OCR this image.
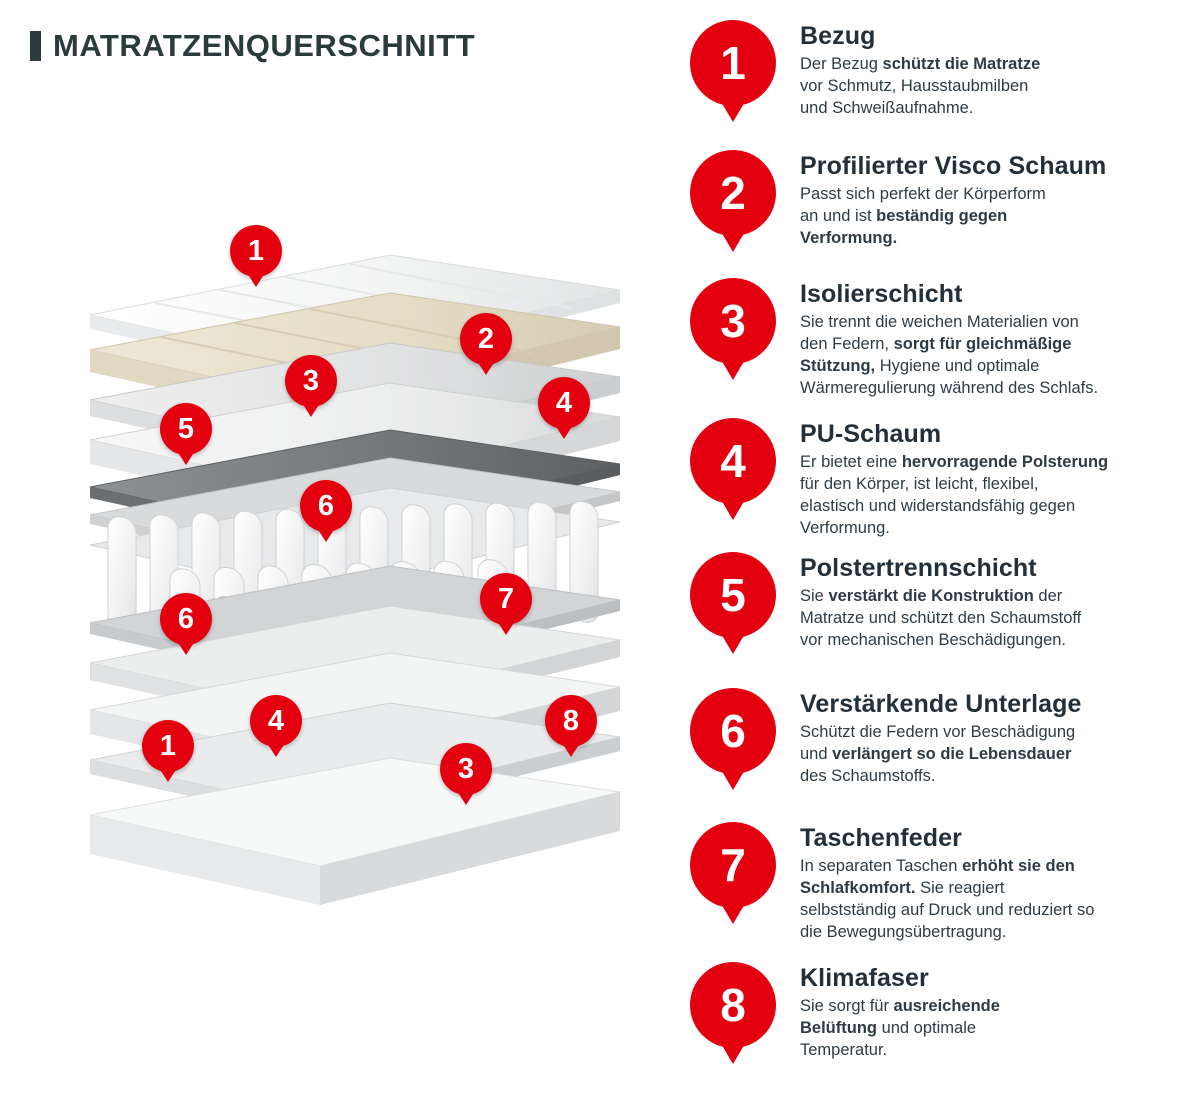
MATRATZENQUERSCHNITT
1
2
3
4
5
6
6
7
4	8
1
3
1
Bezug
Der Bezug schützt die Matratze
vor Schmutz, Hausstaubmilben
und Schweißaufnahme.
2
Profilierter Visco Schaum
Passt sich perfekt der Körperform
an und ist beständig gegen
Verformung.
3
Isolierschicht
Sie trennt die weichen Materialien von
den Federn, sorgt für gleichmäßige
Stützung, Hygiene und optimale
Wärmeregulierung während des Schlafs.
4
PU-Schaum
Er bietet eine hervorragende Polsterung
für den Körper, ist leicht, flexibel,
elastisch und widerstandsfähig gegen
Verformung.
5
Polstertrennschicht
Sie verstärkt die Konstruktion der
Matratze und schützt den Schaumstoff
vor mechanischen Beschädigungen.
6
Verstärkende Unterlage
Schützt die Federn vor Beschädigung
und verlängert so die Lebensdauer
des Schaumstoffs.
7
Taschenfeder
In separaten Taschen erhöht sie den
Schlafkomfort. Sie reagiert
selbstständig auf Druck und reduziert so
die Bewegungsübertragung.
8
Klimafaser
Sie sorgt für ausreichende
Belüftung und optimale
Temperatur.
